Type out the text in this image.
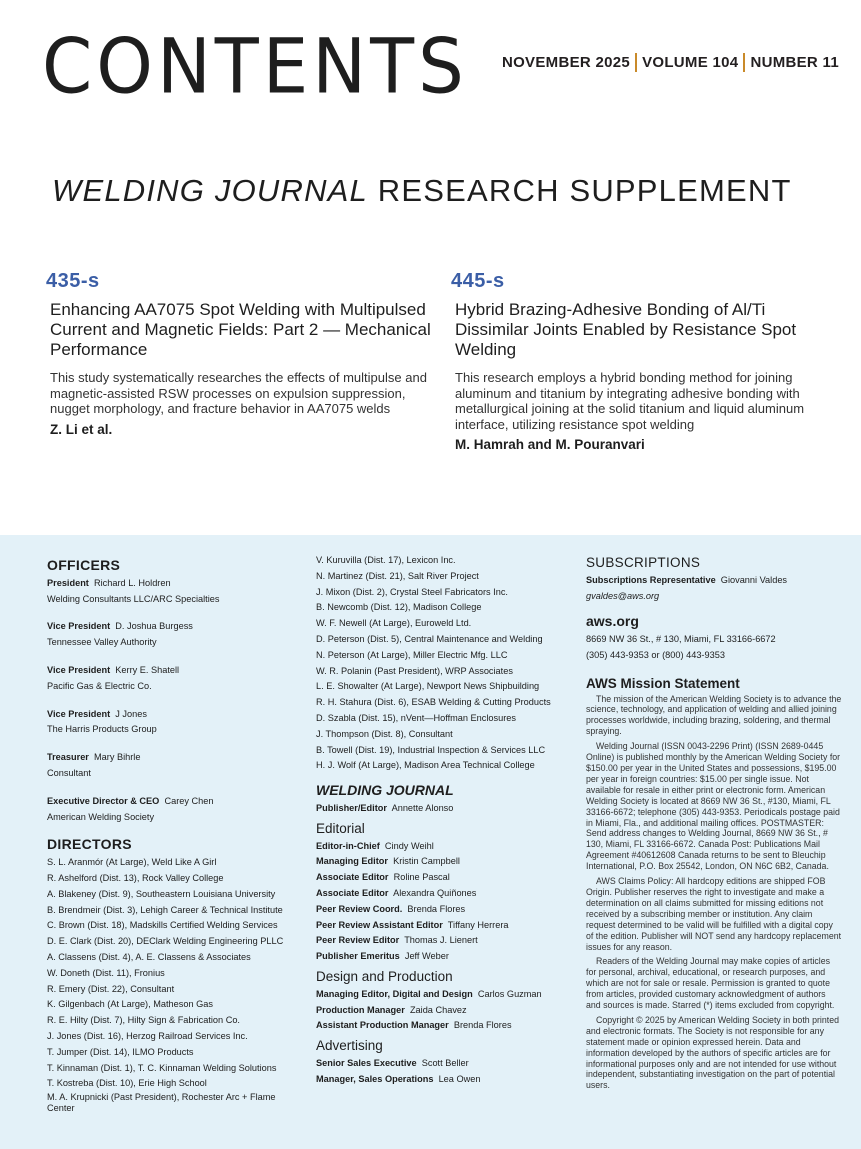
CONTENTS NOVEMBER 2025 VOLUME 104 NUMBER 11
WELDING JOURNAL RESEARCH SUPPLEMENT

435-s

Enhancing AA7075 Spot Welding with Multipulsed Current and Magnetic Fields: Part 2 — Mechanical Performance

This study systematically researches the effects of multipulse and magnetic-assisted RSW processes on expulsion suppression, nugget morphology, and fracture behavior in AA7075 welds

Z. Li et al.

445-s

Hybrid Brazing-Adhesive Bonding of Al/Ti Dissimilar Joints Enabled by Resistance Spot Welding

This research employs a hybrid bonding method for joining aluminum and titanium by integrating adhesive bonding with metallurgical joining at the solid titanium and liquid aluminum interface, utilizing resistance spot welding

M. Hamrah and M. Pouranvari

OFFICERS
President Richard L. Holdren
Welding Consultants LLC/ARC Specialties
Vice President D. Joshua Burgess
Tennessee Valley Authority
Vice President Kerry E. Shatell
Pacific Gas & Electric Co.
Vice President J Jones
The Harris Products Group
Treasurer Mary Bihrle
Consultant
Executive Director & CEO Carey Chen
American Welding Society
DIRECTORS
S. L. Aranmór (At Large), Weld Like A Girl
R. Ashelford (Dist. 13), Rock Valley College
A. Blakeney (Dist. 9), Southeastern Louisiana University
B. Brendmeir (Dist. 3), Lehigh Career & Technical Institute
C. Brown (Dist. 18), Madskills Certified Welding Services
D. E. Clark (Dist. 20), DEClark Welding Engineering PLLC
A. Classens (Dist. 4), A. E. Classens & Associates
W. Doneth (Dist. 11), Fronius
R. Emery (Dist. 22), Consultant
K. Gilgenbach (At Large), Matheson Gas
R. E. Hilty (Dist. 7), Hilty Sign & Fabrication Co.
J. Jones (Dist. 16), Herzog Railroad Services Inc.
T. Jumper (Dist. 14), ILMO Products
T. Kinnaman (Dist. 1), T. C. Kinnaman Welding Solutions
T. Kostreba (Dist. 10), Erie High School
M. A. Krupnicki (Past President), Rochester Arc + Flame Center
V. Kuruvilla (Dist. 17), Lexicon Inc.
N. Martinez (Dist. 21), Salt River Project
J. Mixon (Dist. 2), Crystal Steel Fabricators Inc.
B. Newcomb (Dist. 12), Madison College
W. F. Newell (At Large), Euroweld Ltd.
D. Peterson (Dist. 5), Central Maintenance and Welding
N. Peterson (At Large), Miller Electric Mfg. LLC
W. R. Polanin (Past President), WRP Associates
L. E. Showalter (At Large), Newport News Shipbuilding
R. H. Stahura (Dist. 6), ESAB Welding & Cutting Products
D. Szabla (Dist. 15), nVent—Hoffman Enclosures
J. Thompson (Dist. 8), Consultant
B. Towell (Dist. 19), Industrial Inspection & Services LLC
H. J. Wolf (At Large), Madison Area Technical College
WELDING JOURNAL
Publisher/Editor Annette Alonso
Editorial
Editor-in-Chief Cindy Weihl
Managing Editor Kristin Campbell
Associate Editor Roline Pascal
Associate Editor Alexandra Quiñones
Peer Review Coord. Brenda Flores
Peer Review Assistant Editor Tiffany Herrera
Peer Review Editor Thomas J. Lienert
Publisher Emeritus Jeff Weber
Design and Production
Managing Editor, Digital and Design Carlos Guzman
Production Manager Zaida Chavez
Assistant Production Manager Brenda Flores
Advertising
Senior Sales Executive Scott Beller
Manager, Sales Operations Lea Owen
SUBSCRIPTIONS
Subscriptions Representative Giovanni Valdes
gvaldes@aws.org
aws.org
8669 NW 36 St., # 130, Miami, FL 33166-6672
(305) 443-9353 or (800) 443-9353
AWS Mission Statement

The mission of the American Welding Society is to advance the science, technology, and application of welding and allied joining processes worldwide, including brazing, soldering, and thermal spraying.

Welding Journal (ISSN 0043-2296 Print) (ISSN 2689-0445 Online) is published monthly by the American Welding Society for $150.00 per year in the United States and possessions, $195.00 per year in foreign countries: $15.00 per single issue. Not available for resale in either print or electronic form. American Welding Society is located at 8669 NW 36 St., #130, Miami, FL 33166-6672; telephone (305) 443-9353. Periodicals postage paid in Miami, Fla., and additional mailing offices. POSTMASTER: Send address changes to Welding Journal, 8669 NW 36 St., # 130, Miami, FL 33166-6672. Canada Post: Publications Mail Agreement #40612608 Canada returns to be sent to Bleuchip International, P.O. Box 25542, London, ON N6C 6B2, Canada.

AWS Claims Policy: All hardcopy editions are shipped FOB Origin. Publisher reserves the right to investigate and make a determination on all claims submitted for missing editions not received by a subscribing member or institution. Any claim request determined to be valid will be fulfilled with a digital copy of the edition. Publisher will NOT send any hardcopy replacement issues for any reason.

Readers of the Welding Journal may make copies of articles for personal, archival, educational, or research purposes, and which are not for sale or resale. Permission is granted to quote from articles, provided customary acknowledgment of authors and sources is made. Starred (*) items excluded from copyright.

Copyright © 2025 by American Welding Society in both printed and electronic formats. The Society is not responsible for any statement made or opinion expressed herein. Data and information developed by the authors of specific articles are for informational purposes only and are not intended for use without independent, substantiating investigation on the part of potential users.
